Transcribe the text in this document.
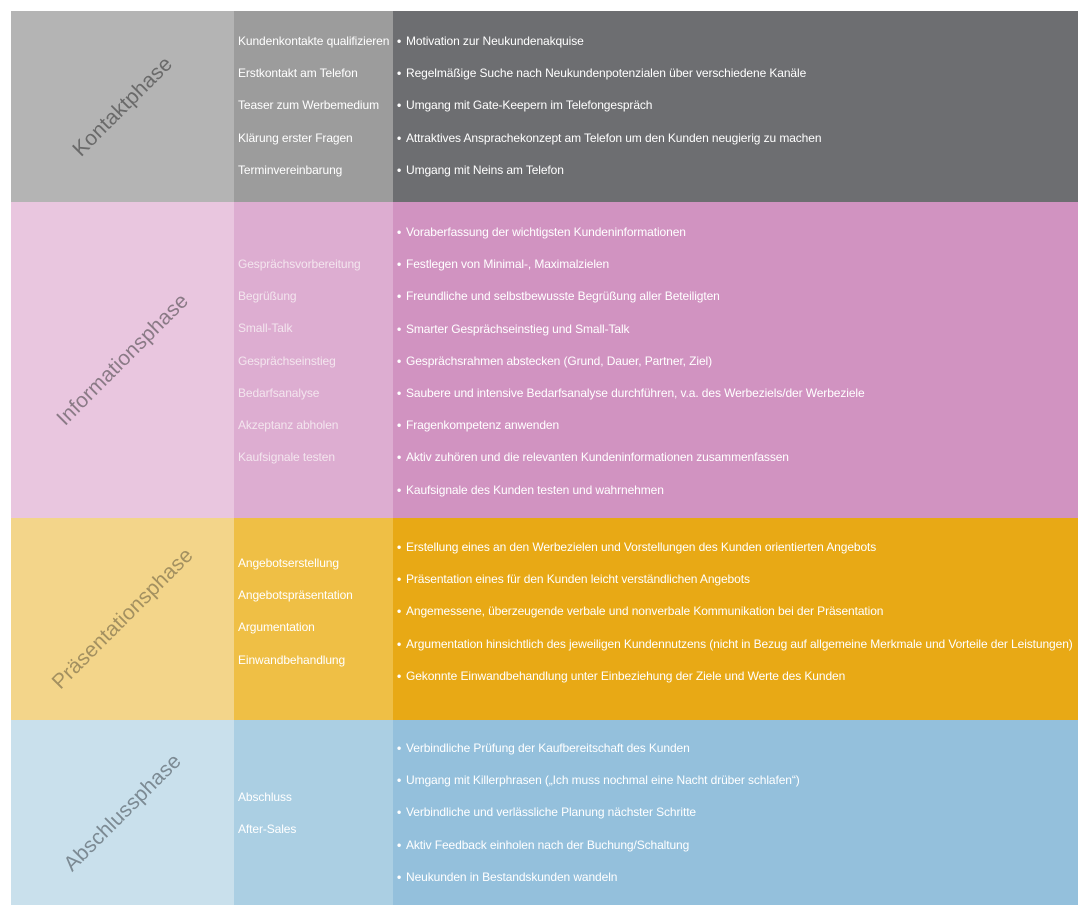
Kontaktphase
Kundenkontakte qualifizieren
Erstkontakt am Telefon
Teaser zum Werbemedium
Klärung erster Fragen
Terminvereinbarung
• Motivation zur Neukundenakquise
• Regelmäßige Suche nach Neukundenpotenzialen über verschiedene Kanäle
• Umgang mit Gate-Keepern im Telefongespräch
• Attraktives Ansprachekonzept am Telefon um den Kunden neugierig zu machen
• Umgang mit Neins am Telefon
Informationsphase
Gesprächsvorbereitung
Begrüßung
Small-Talk
Gesprächseinstieg
Bedarfsanalyse
Akzeptanz abholen
Kaufsignale testen
• Voraberfassung der wichtigsten Kundeninformationen
• Festlegen von Minimal-, Maximalzielen
• Freundliche und selbstbewusste Begrüßung aller Beteiligten
• Smarter Gesprächseinstieg und Small-Talk
• Gesprächsrahmen abstecken (Grund, Dauer, Partner, Ziel)
• Saubere und intensive Bedarfsanalyse durchführen, v.a. des Werbeziels/der Werbeziele
• Fragenkompetenz anwenden
• Aktiv zuhören und die relevanten Kundeninformationen zusammenfassen
• Kaufsignale des Kunden testen und wahrnehmen
Präsentationsphase	Angebotserstellung
Angebotspräsentation
Argumentation
Einwandbehandlung
• Erstellung eines an den Werbezielen und Vorstellungen des Kunden orientierten Angebots
• Präsentation eines für den Kunden leicht verständlichen Angebots
• Angemessene, überzeugende verbale und nonverbale Kommunikation bei der Präsentation
• Argumentation hinsichtlich des jeweiligen Kundennutzens (nicht in Bezug auf allgemeine Merkmale und Vorteile der Leistungen)
• Gekonnte Einwandbehandlung unter Einbeziehung der Ziele und Werte des Kunden
Abschlussphase	Abschluss
After-Sales
• Verbindliche Prüfung der Kaufbereitschaft des Kunden
• Umgang mit Killerphrasen („Ich muss nochmal eine Nacht drüber schlafen“)
• Verbindliche und verlässliche Planung nächster Schritte
• Aktiv Feedback einholen nach der Buchung/Schaltung
• Neukunden in Bestandskunden wandeln
